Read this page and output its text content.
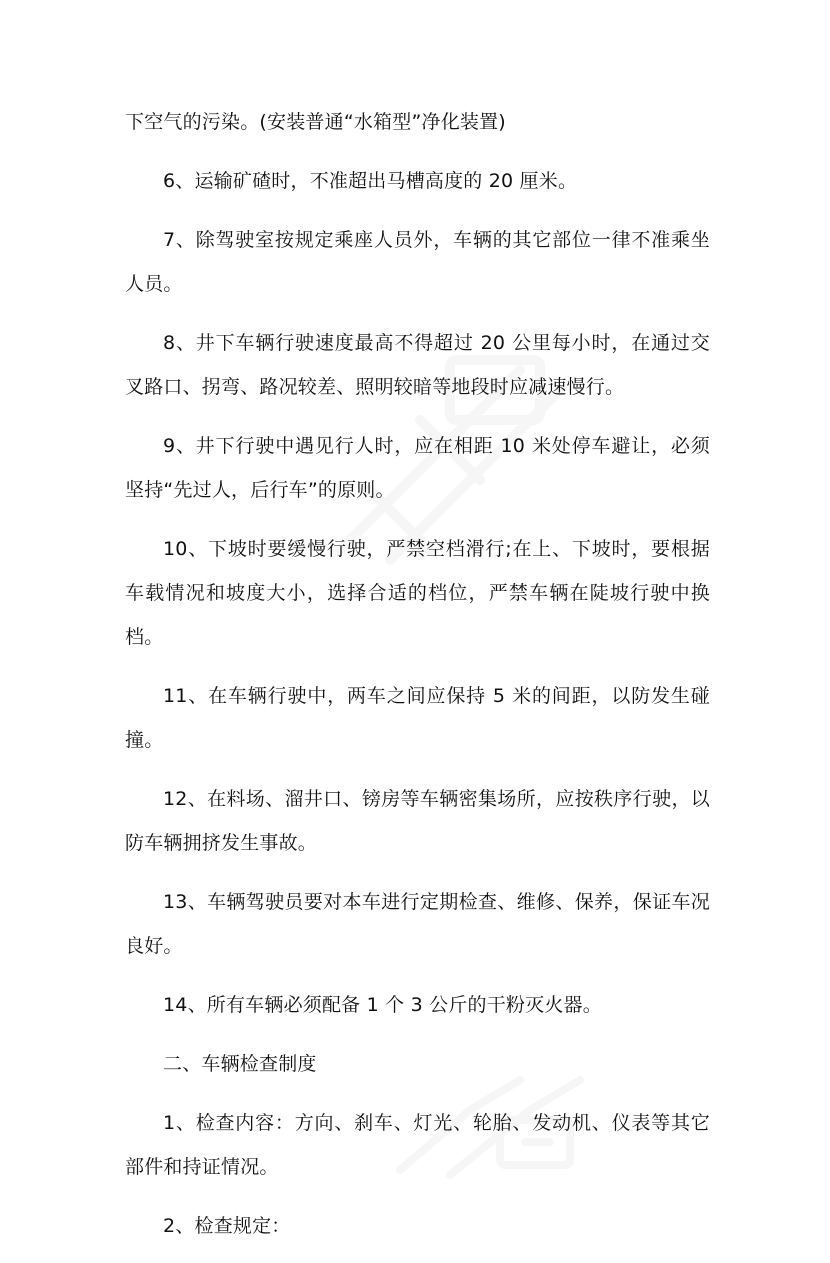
下空气的污染。(安装普通“水箱型”净化装置)

6、运输矿碴时，不准超出马槽高度的 20 厘米。

7、除驾驶室按规定乘座人员外，车辆的其它部位一律不准乘坐人员。

8、井下车辆行驶速度最高不得超过 20 公里每小时，在通过交叉路口、拐弯、路况较差、照明较暗等地段时应减速慢行。

9、井下行驶中遇见行人时，应在相距 10 米处停车避让，必须坚持“先过人，后行车”的原则。

10、下坡时要缓慢行驶，严禁空档滑行;在上、下坡时，要根据车载情况和坡度大小，选择合适的档位，严禁车辆在陡坡行驶中换档。

11、在车辆行驶中，两车之间应保持 5 米的间距，以防发生碰撞。

12、在料场、溜井口、镑房等车辆密集场所，应按秩序行驶，以防车辆拥挤发生事故。

13、车辆驾驶员要对本车进行定期检查、维修、保养，保证车况良好。

14、所有车辆必须配备 1 个 3 公斤的干粉灭火器。

二、车辆检查制度

1、检查内容：方向、刹车、灯光、轮胎、发动机、仪表等其它部件和持证情况。

2、检查规定：
